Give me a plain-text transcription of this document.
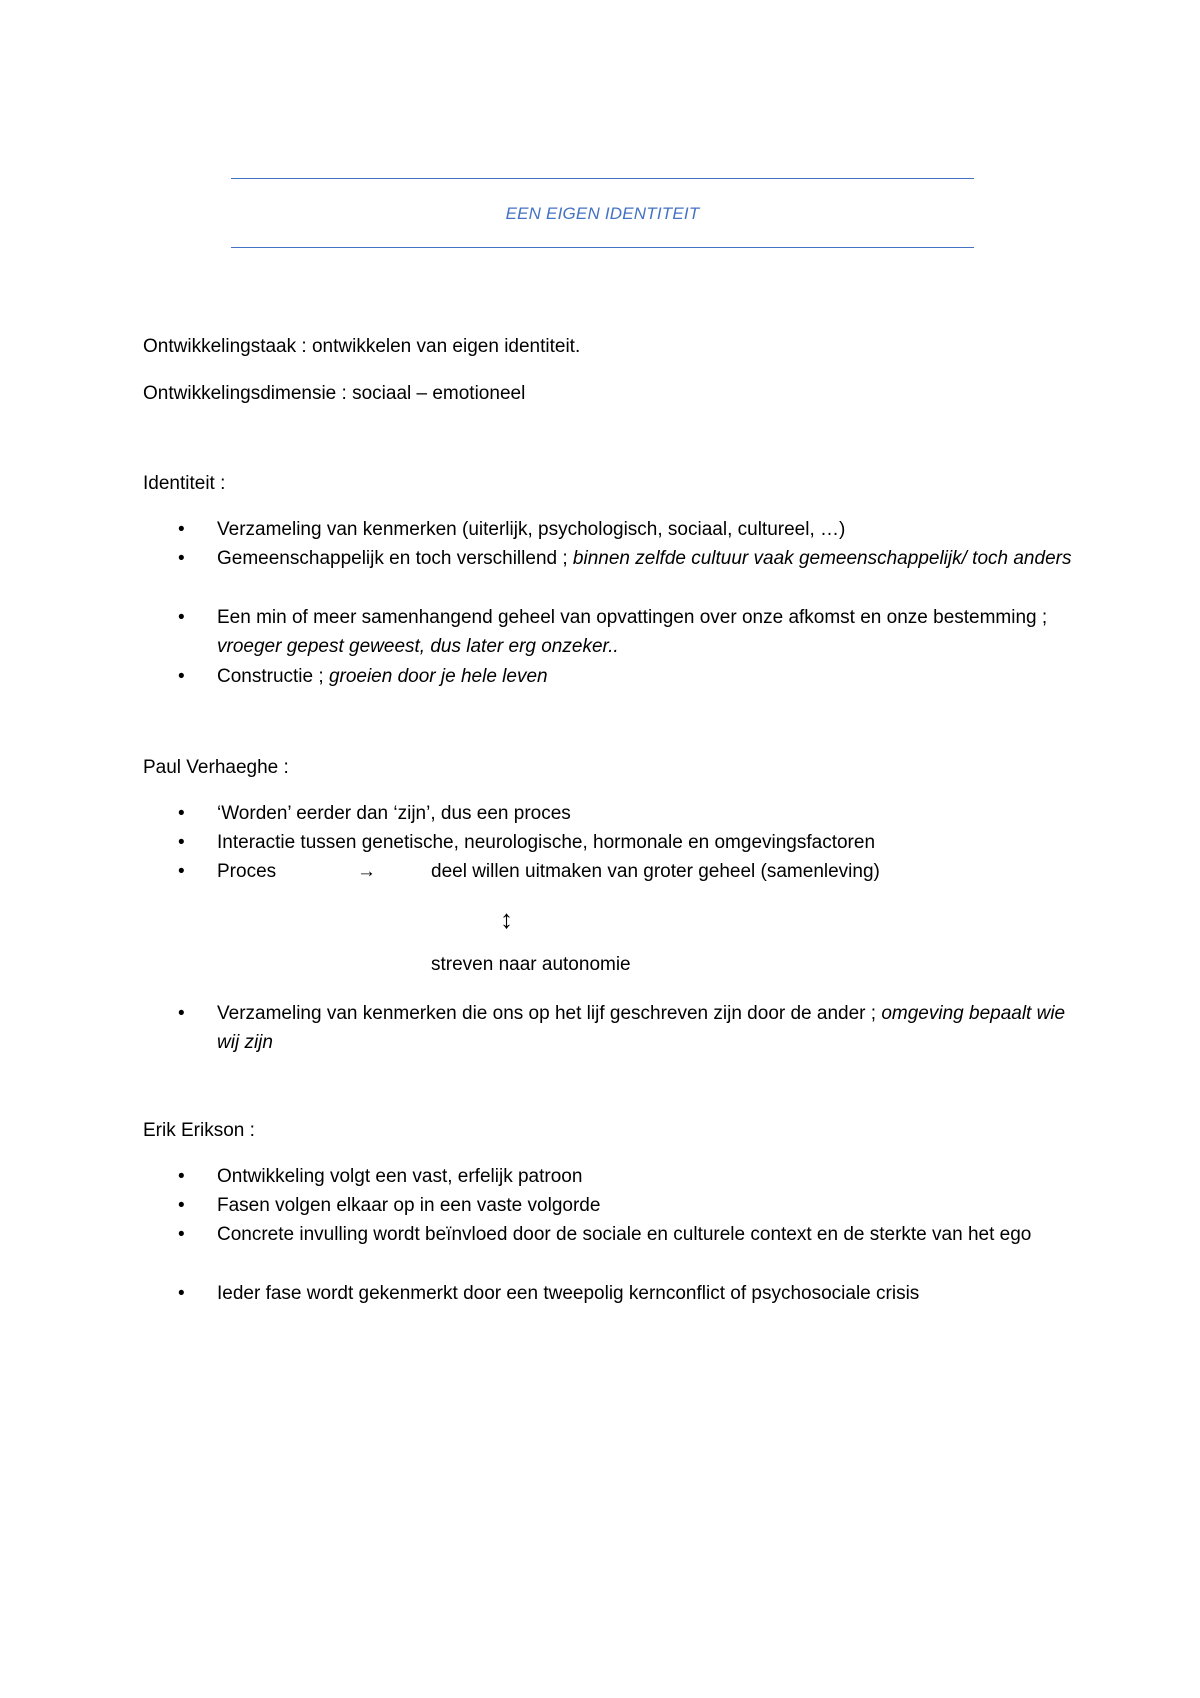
EEN EIGEN IDENTITEIT
Ontwikkelingstaak : ontwikkelen van eigen identiteit.
Ontwikkelingsdimensie : sociaal – emotioneel
Identiteit :
• Verzameling van kenmerken (uiterlijk, psychologisch, sociaal, cultureel, …)
• Gemeenschappelijk en toch verschillend ; binnen zelfde cultuur vaak gemeenschappelijk/ toch anders
• Een min of meer samenhangend geheel van opvattingen over onze afkomst en onze bestemming ; vroeger gepest geweest, dus later erg onzeker..
• Constructie ; groeien door je hele leven
Paul Verhaeghe :
• ‘Worden’ eerder dan ‘zijn’, dus een proces
• Interactie tussen genetische, neurologische, hormonale en omgevingsfactoren
• Proces	→	deel willen uitmaken van groter geheel (samenleving)
↕
streven naar autonomie
• Verzameling van kenmerken die ons op het lijf geschreven zijn door de ander ; omgeving bepaalt wie wij zijn
Erik Erikson :
• Ontwikkeling volgt een vast, erfelijk patroon
• Fasen volgen elkaar op in een vaste volgorde
• Concrete invulling wordt beïnvloed door de sociale en culturele context en de sterkte van het ego
• Ieder fase wordt gekenmerkt door een tweepolig kernconflict of psychosociale crisis
